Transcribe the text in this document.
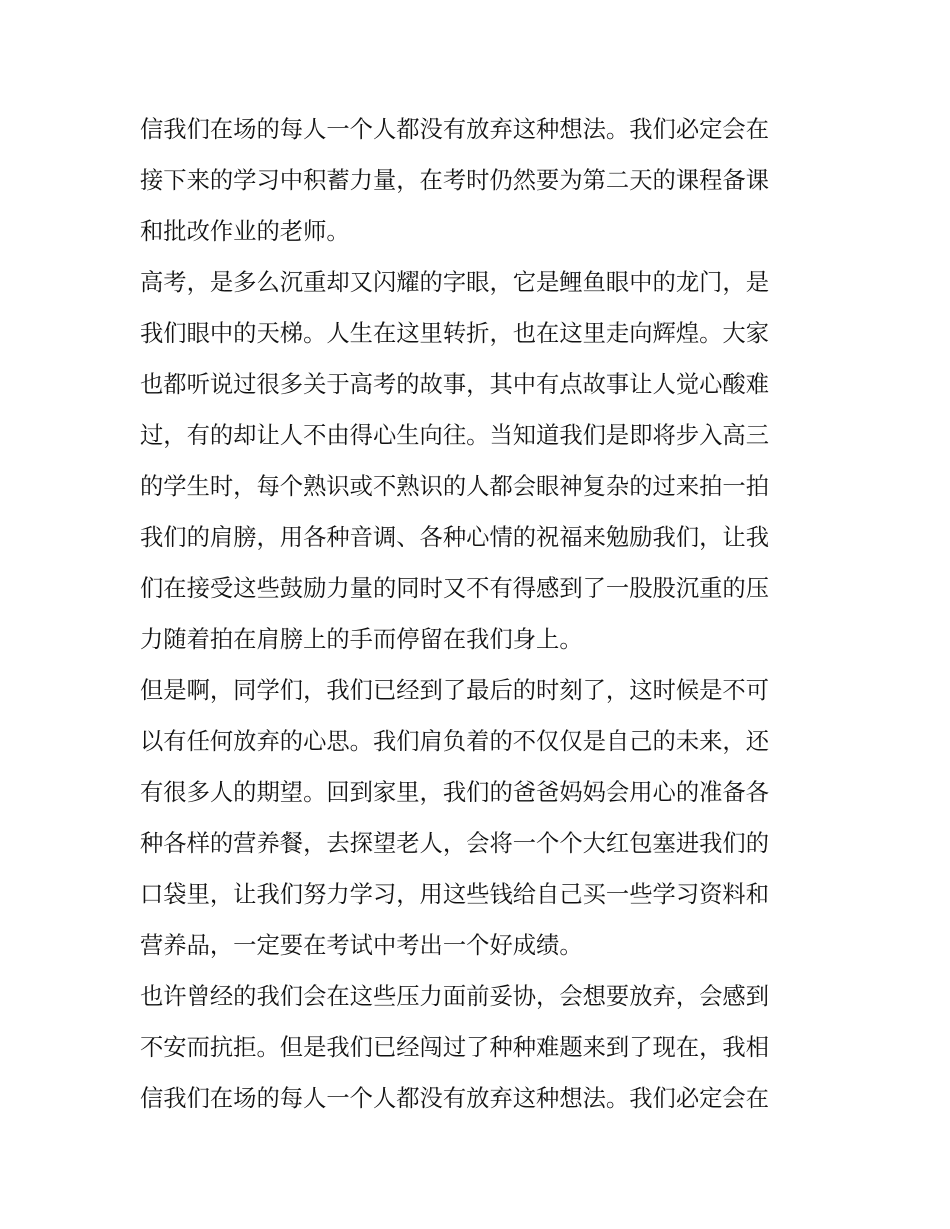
信我们在场的每人一个人都没有放弃这种想法。我们必定会在
接下来的学习中积蓄力量，在考时仍然要为第二天的课程备课
和批改作业的老师。

高考，是多么沉重却又闪耀的字眼，它是鲤鱼眼中的龙门，是
我们眼中的天梯。人生在这里转折，也在这里走向辉煌。大家
也都听说过很多关于高考的故事，其中有点故事让人觉心酸难
过，有的却让人不由得心生向往。当知道我们是即将步入高三
的学生时，每个熟识或不熟识的人都会眼神复杂的过来拍一拍
我们的肩膀，用各种音调、各种心情的祝福来勉励我们，让我
们在接受这些鼓励力量的同时又不有得感到了一股股沉重的压
力随着拍在肩膀上的手而停留在我们身上。

但是啊，同学们，我们已经到了最后的时刻了，这时候是不可
以有任何放弃的心思。我们肩负着的不仅仅是自己的未来，还
有很多人的期望。回到家里，我们的爸爸妈妈会用心的准备各
种各样的营养餐，去探望老人，会将一个个大红包塞进我们的
口袋里，让我们努力学习，用这些钱给自己买一些学习资料和
营养品，一定要在考试中考出一个好成绩。

也许曾经的我们会在这些压力面前妥协，会想要放弃，会感到
不安而抗拒。但是我们已经闯过了种种难题来到了现在，我相
信我们在场的每人一个人都没有放弃这种想法。我们必定会在
